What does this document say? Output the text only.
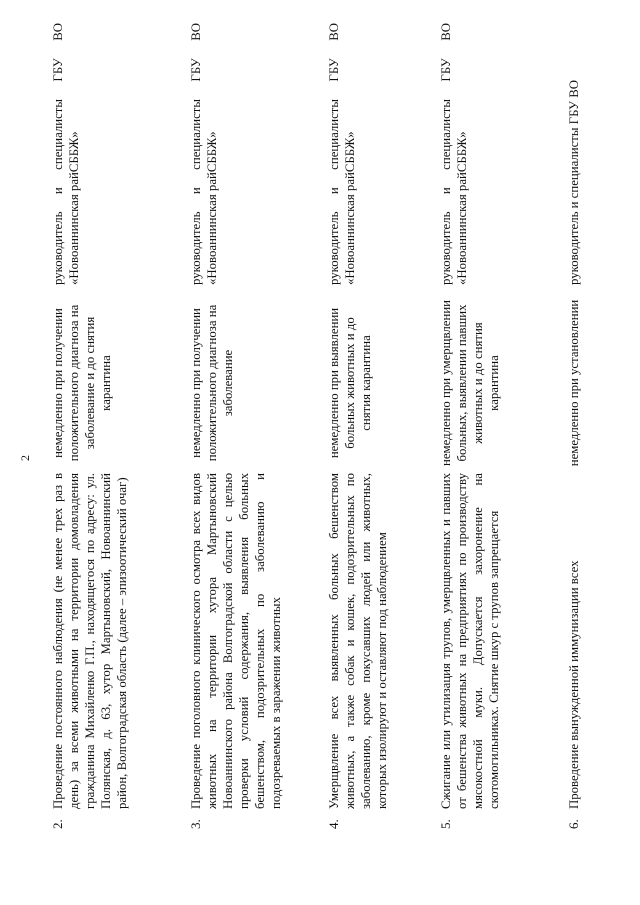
2
2.
Проведение постоянного наблюдения (не менее трех раз в день) за всеми животными на территории домовладения гражданина Михайленко Г.П., находящегося по адресу: ул. Полянская, д. 63, хутор Мартыновский, Новоаннинский район, Волгоградская область (далее – эпизоотический очаг)
немедленно при получении положительного диагноза на заболевание и до снятия карантина
руководитель и специалисты ГБУ ВО «Новоаннинская райСББЖ»
3.
Проведение поголовного клинического осмотра всех видов животных на территории хутора Мартыновский Новоаннинского района Волгоградской области с целью проверки условий содержания, выявления больных бешенством, подозрительных по заболеванию и подозреваемых в заражении животных
немедленно при получении положительного диагноза на заболевание
руководитель и специалисты ГБУ ВО «Новоаннинская райСББЖ»
4.
Умерщвление всех выявленных больных бешенством животных, а также собак и кошек, подозрительных по заболеванию, кроме покусавших людей или животных, которых изолируют и оставляют под наблюдением
немедленно при выявлении больных животных и до снятия карантина
руководитель и специалисты ГБУ ВО «Новоаннинская райСББЖ»
5.
Сжигание или утилизация трупов, умерщвленных и павших от бешенства животных на предприятиях по производству мясокостной муки. Допускается захоронение на скотомогильниках. Снятие шкур с трупов запрещается
немедленно при умерщвлении больных, выявлении павших животных и до снятия карантина
руководитель и специалисты ГБУ ВО «Новоаннинская райСББЖ»
6.
Проведение вынужденной иммунизации всех
немедленно при установлении
руководитель и специалисты ГБУ ВО
